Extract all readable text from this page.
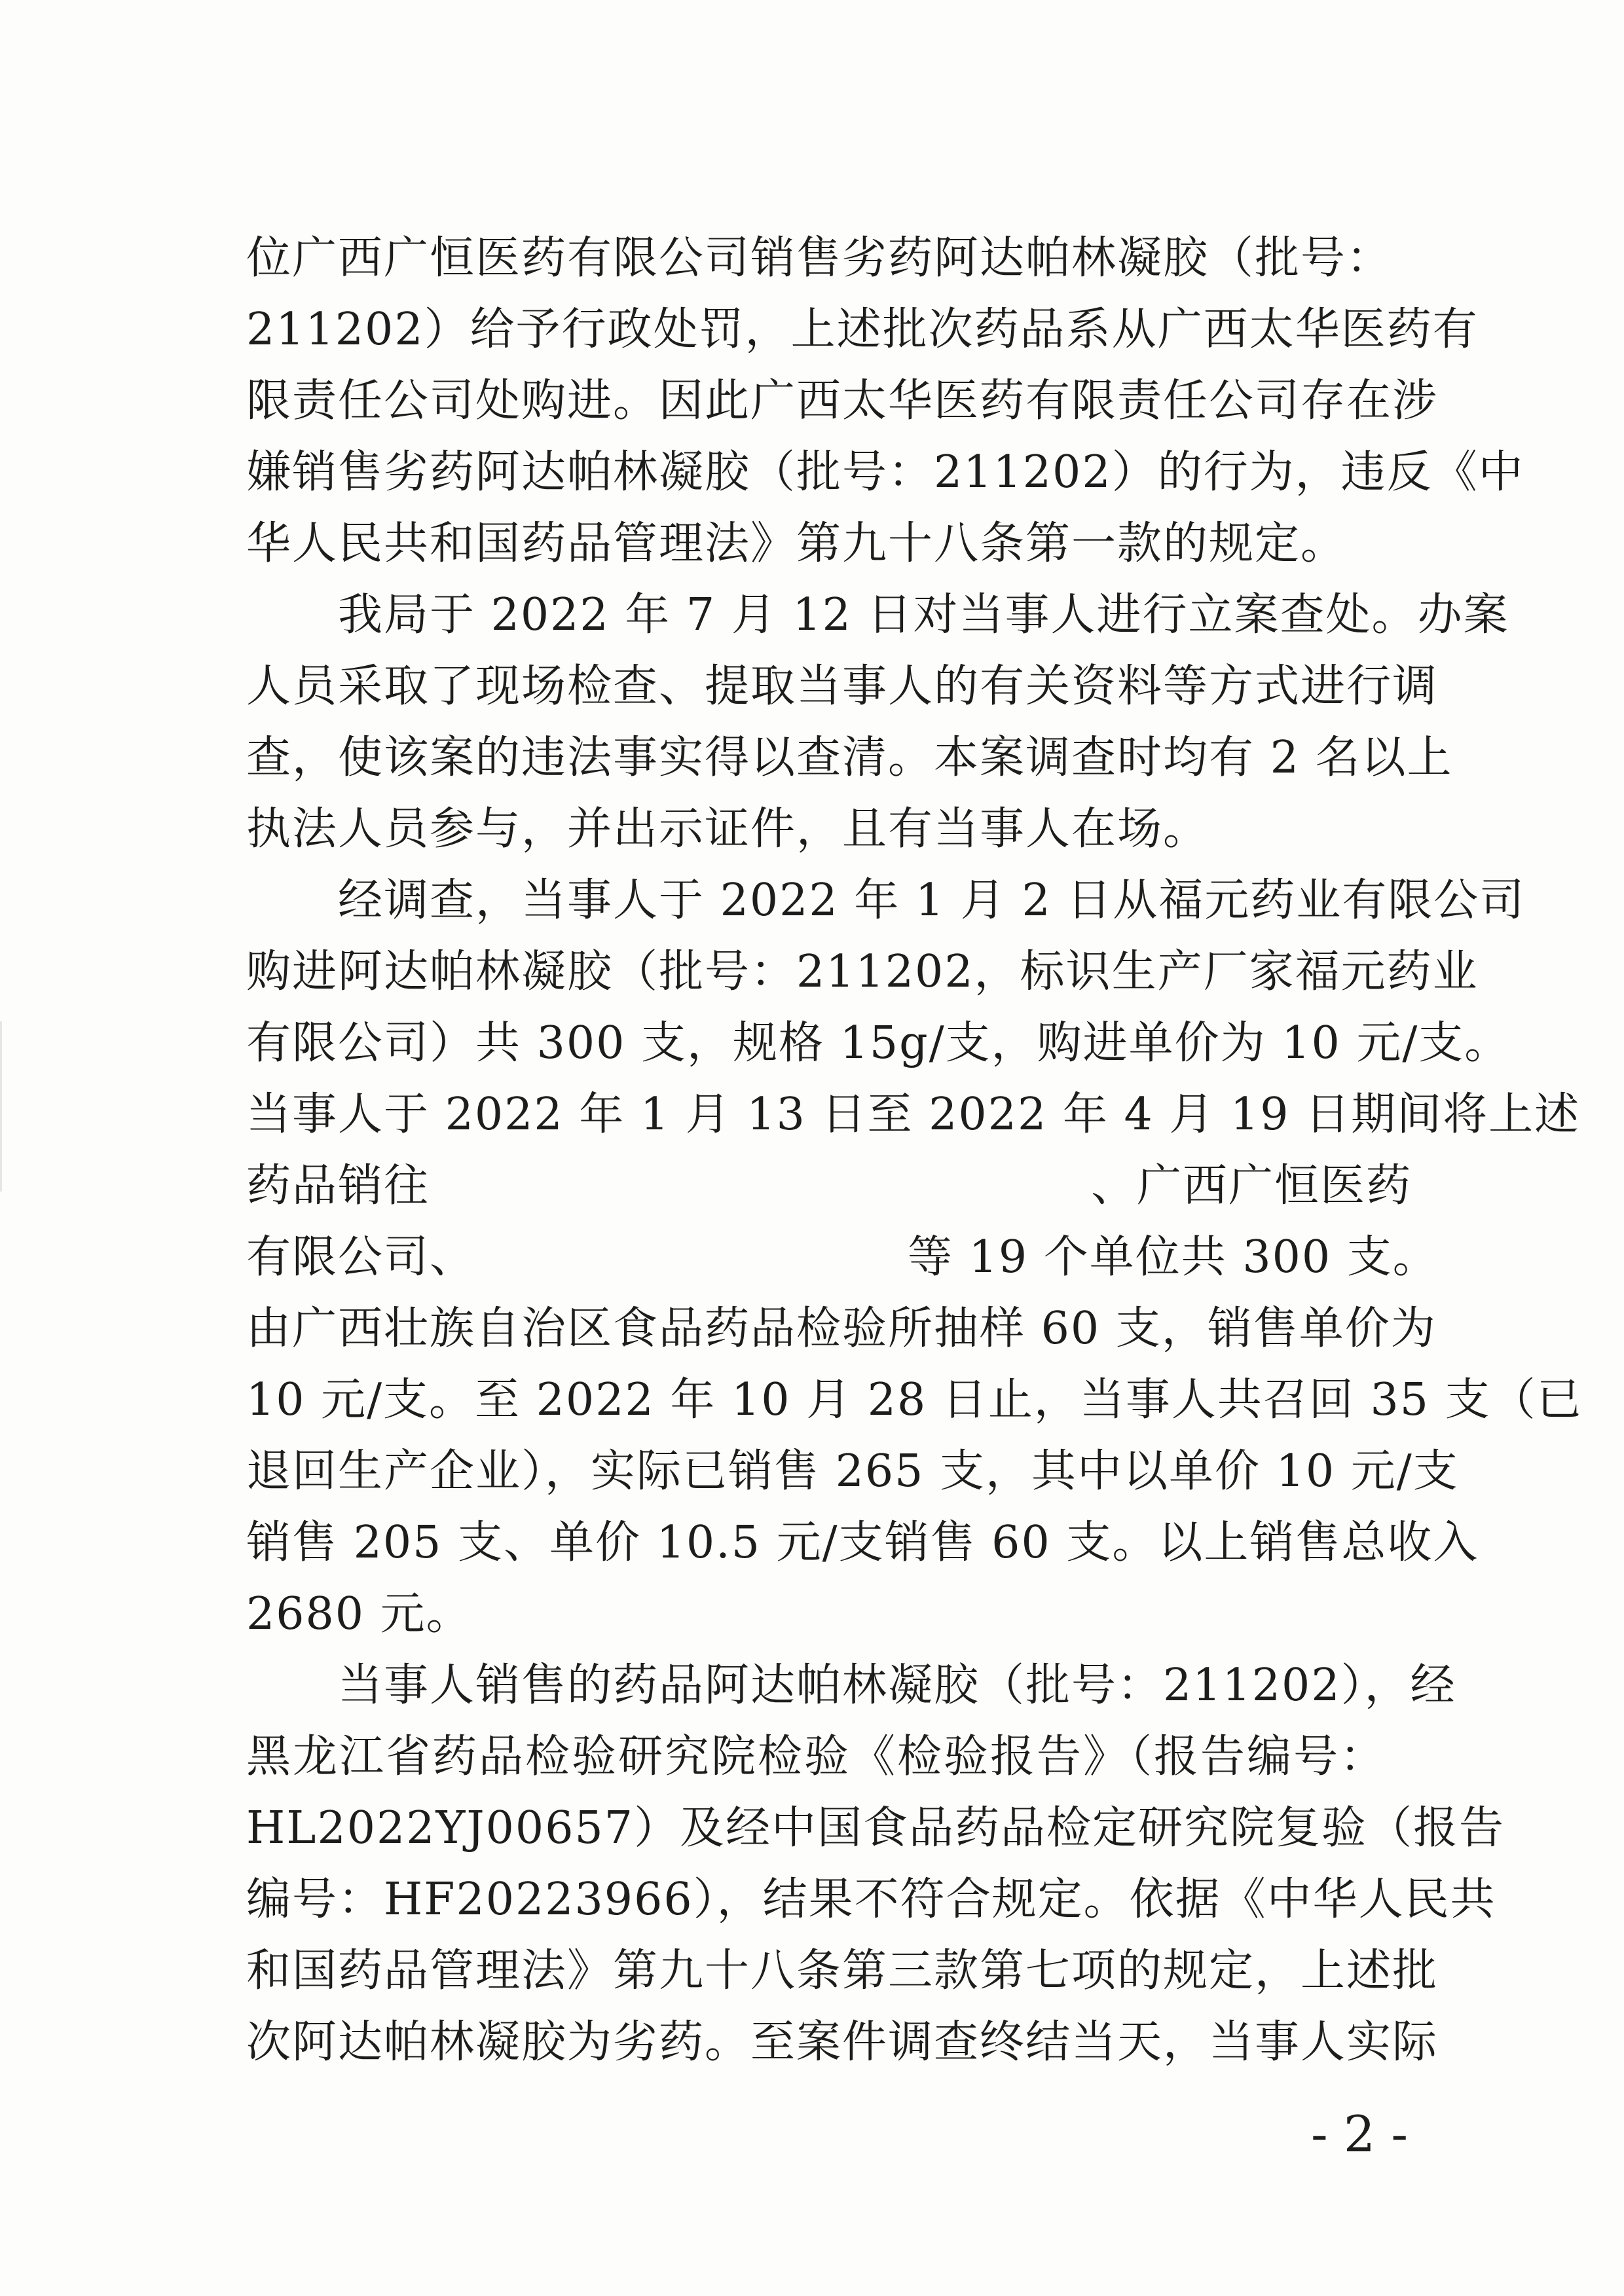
位广西广恒医药有限公司销售劣药阿达帕林凝胶（批号：
211202）给予行政处罚，上述批次药品系从广西太华医药有
限责任公司处购进。因此广西太华医药有限责任公司存在涉
嫌销售劣药阿达帕林凝胶（批号：211202）的行为，违反《中
华人民共和国药品管理法》第九十八条第一款的规定。
我局于 2022 年 7 月 12 日对当事人进行立案查处。办案
人员采取了现场检查、提取当事人的有关资料等方式进行调
查，使该案的违法事实得以查清。本案调查时均有 2 名以上
执法人员参与，并出示证件，且有当事人在场。
经调查，当事人于 2022 年 1 月 2 日从福元药业有限公司
购进阿达帕林凝胶（批号：211202，标识生产厂家福元药业
有限公司）共 300 支，规格 15g/支，购进单价为 10 元/支。
当事人于 2022 年 1 月 13 日至 2022 年 4 月 19 日期间将上述
药品销往	、广西广恒医药
有限公司、	等 19 个单位共 300 支。
由广西壮族自治区食品药品检验所抽样 60 支，销售单价为
10 元/支。至 2022 年 10 月 28 日止，当事人共召回 35 支（已
退回生产企业），实际已销售 265 支，其中以单价 10 元/支
销售 205 支、单价 10.5 元/支销售 60 支。以上销售总收入
2680 元。
当事人销售的药品阿达帕林凝胶（批号：211202），经
黑龙江省药品检验研究院检验《检验报告》（报告编号：
HL2022YJ00657）及经中国食品药品检定研究院复验（报告
编号：HF20223966），结果不符合规定。依据《中华人民共
和国药品管理法》第九十八条第三款第七项的规定，上述批
次阿达帕林凝胶为劣药。至案件调查终结当天，当事人实际
- 2 -
